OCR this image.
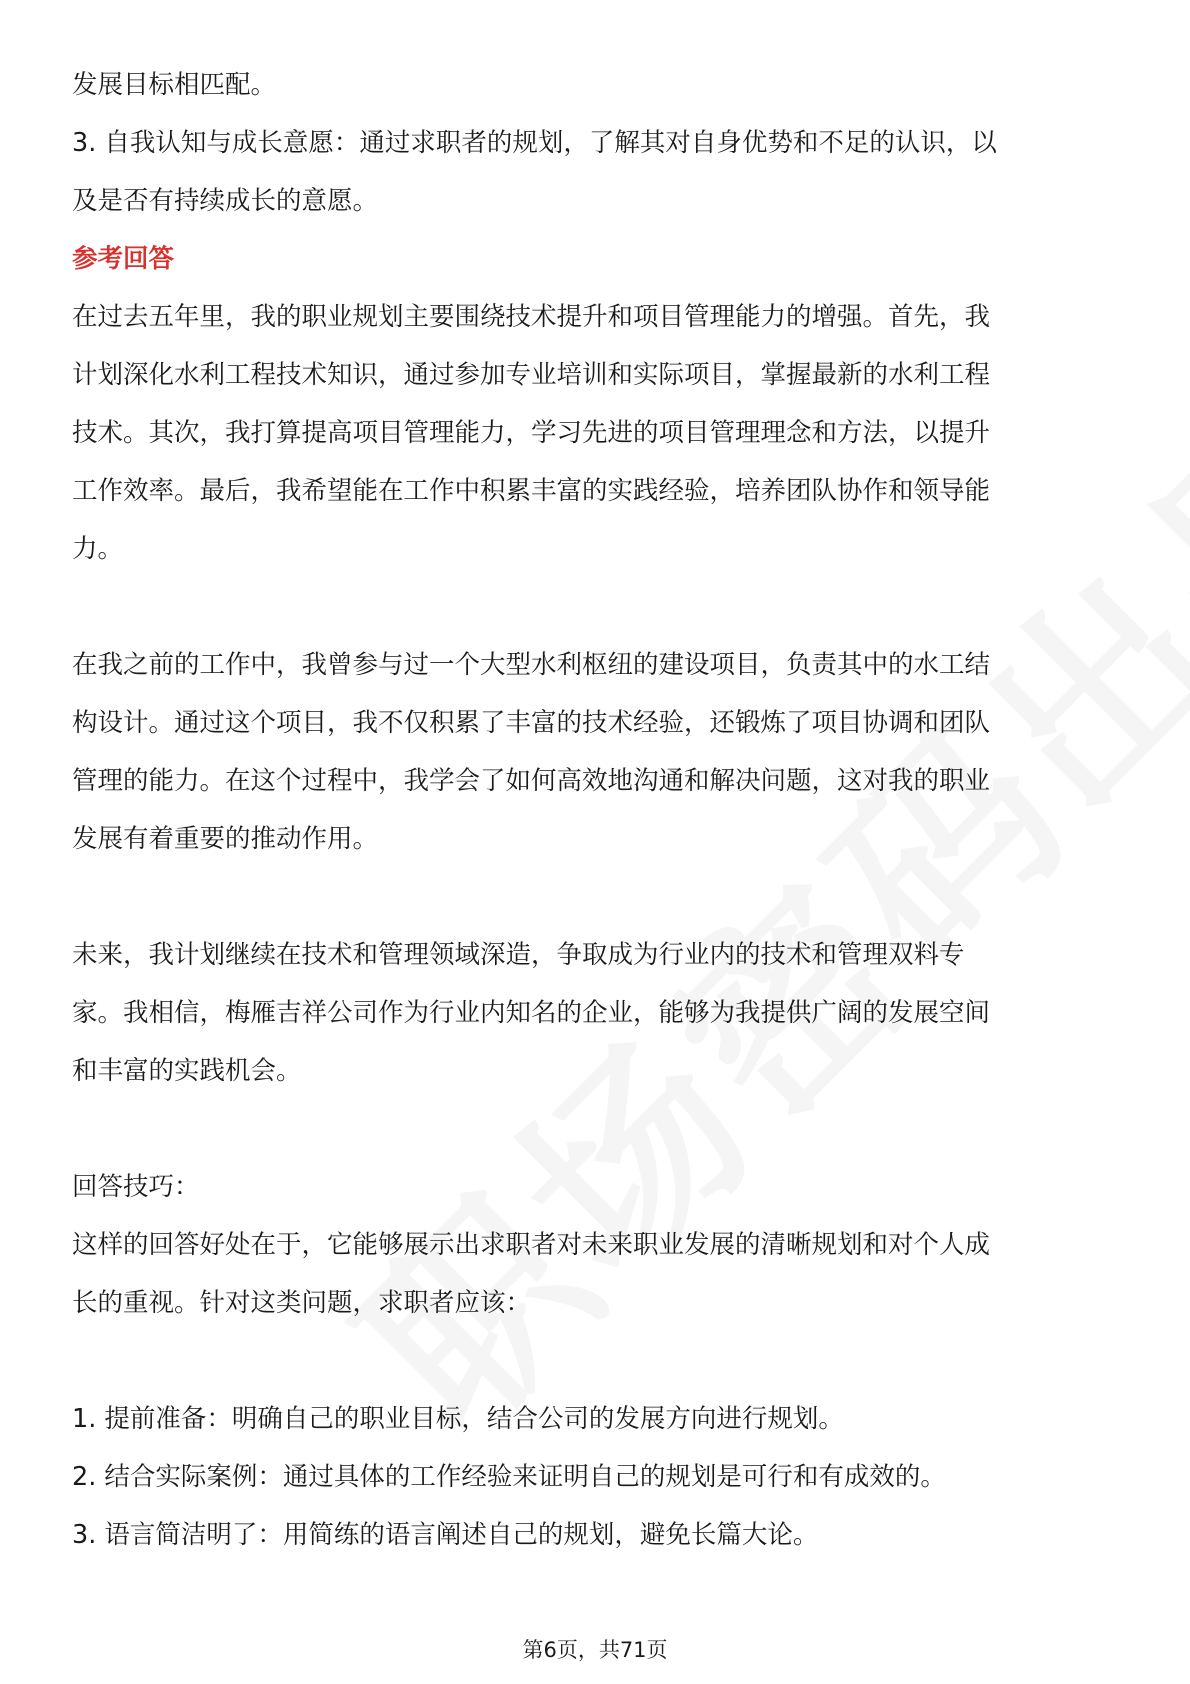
发展目标相匹配。
3. 自我认知与成长意愿：通过求职者的规划，了解其对自身优势和不足的认识，以
及是否有持续成长的意愿。
参考回答
在过去五年里，我的职业规划主要围绕技术提升和项目管理能力的增强。首先，我
计划深化水利工程技术知识，通过参加专业培训和实际项目，掌握最新的水利工程
技术。其次，我打算提高项目管理能力，学习先进的项目管理理念和方法，以提升
工作效率。最后，我希望能在工作中积累丰富的实践经验，培养团队协作和领导能
力。
在我之前的工作中，我曾参与过一个大型水利枢纽的建设项目，负责其中的水工结
构设计。通过这个项目，我不仅积累了丰富的技术经验，还锻炼了项目协调和团队
管理的能力。在这个过程中，我学会了如何高效地沟通和解决问题，这对我的职业
发展有着重要的推动作用。
未来，我计划继续在技术和管理领域深造，争取成为行业内的技术和管理双料专
家。我相信，梅雁吉祥公司作为行业内知名的企业，能够为我提供广阔的发展空间
和丰富的实践机会。
回答技巧：
这样的回答好处在于，它能够展示出求职者对未来职业发展的清晰规划和对个人成
长的重视。针对这类问题，求职者应该：
1. 提前准备：明确自己的职业目标，结合公司的发展方向进行规划。
2. 结合实际案例：通过具体的工作经验来证明自己的规划是可行和有成效的。
3. 语言简洁明了：用简练的语言阐述自己的规划，避免长篇大论。
第6页，共71页
